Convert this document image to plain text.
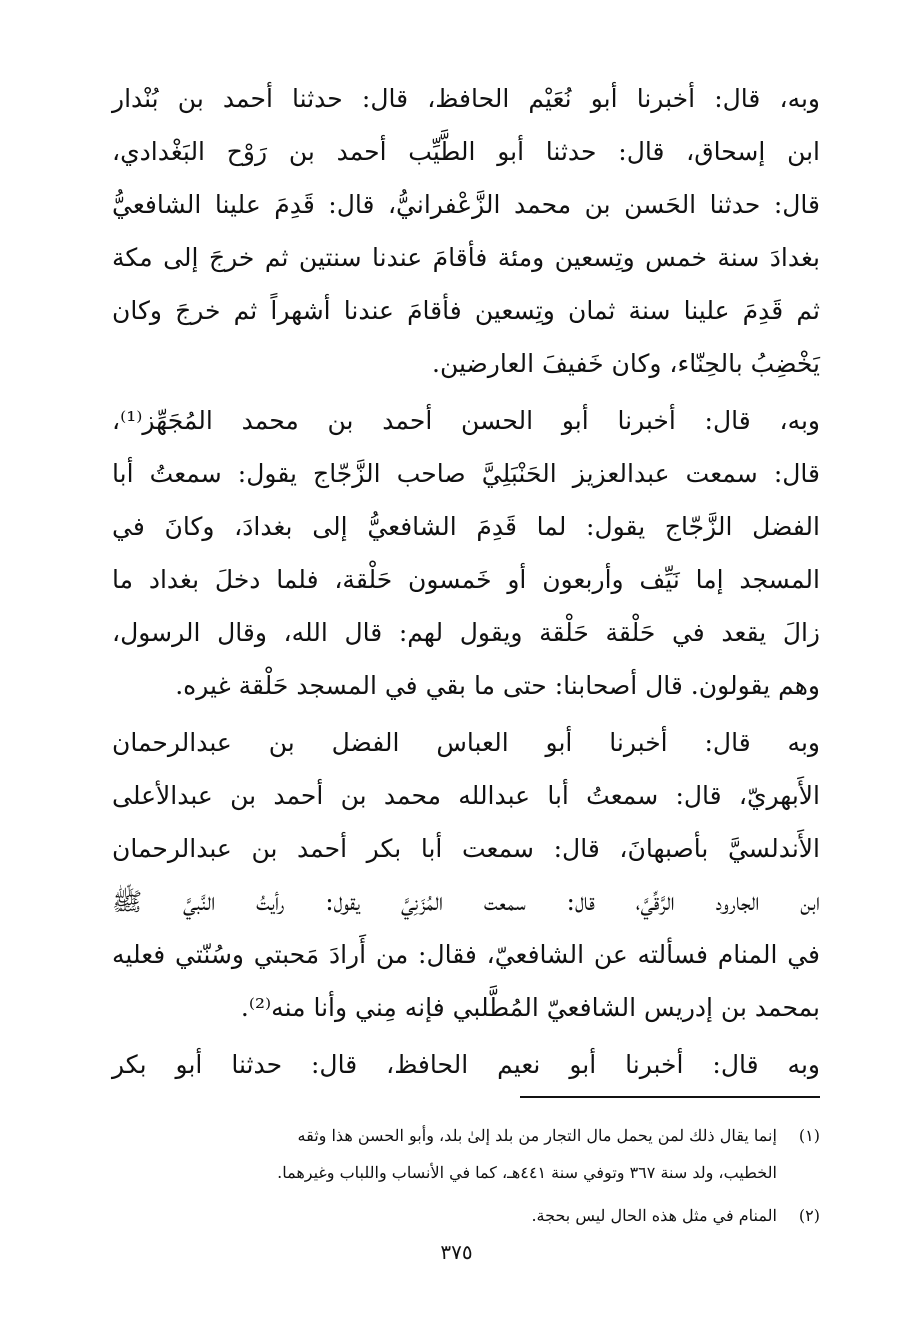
وبه، قال: أخبرنا أبو نُعَيْم الحافظ، قال: حدثنا أحمد بن بُنْدار
ابن إسحاق، قال: حدثنا أبو الطَّيِّب أحمد بن رَوْح البَغْدادي،
قال: حدثنا الحَسن بن محمد الزَّعْفرانيُّ، قال: قَدِمَ علينا الشافعيُّ
بغدادَ سنة خمس وتِسعين ومئة فأقامَ عندنا سنتين ثم خرجَ إلى مكة
ثم قَدِمَ علينا سنة ثمان وتِسعين فأقامَ عندنا أشهراً ثم خرجَ وكان
يَخْضِبُ بالحِنّاء، وكان خَفيفَ العارضين.
وبه، قال: أخبرنا أبو الحسن أحمد بن محمد المُجَهِّز⁽¹⁾،
قال: سمعت عبدالعزيز الحَنْبَلِيَّ صاحب الزَّجّاج يقول: سمعتُ أبا
الفضل الزَّجّاج يقول: لما قَدِمَ الشافعيُّ إلى بغدادَ، وكانَ في
المسجد إما نَيِّف وأربعون أو خَمسون حَلْقة، فلما دخلَ بغداد ما
زالَ يقعد في حَلْقة حَلْقة ويقول لهم: قال الله، وقال الرسول،
وهم يقولون. قال أصحابنا: حتى ما بقي في المسجد حَلْقة غيره.
وبه قال: أخبرنا أبو العباس الفضل بن عبدالرحمان
الأَبهريّ، قال: سمعتُ أبا عبدالله محمد بن أحمد بن عبدالأعلى
الأَندلسيَّ بأصبهانَ، قال: سمعت أبا بكر أحمد بن عبدالرحمان
ابن الجارود الرَّقِّيَّ، قال: سمعت المُزَنِيَّ يقول: رأيتُ النَّبيَّ ﷺ
في المنام فسألته عن الشافعيّ، فقال: من أَرادَ مَحبتي وسُنّتي فعليه
بمحمد بن إدريس الشافعيّ المُطَّلبي فإنه مِني وأنا منه⁽²⁾.
وبه قال: أخبرنا أبو نعيم الحافظ، قال: حدثنا أبو بكر
(١) إنما يقال ذلك لمن يحمل مال التجار من بلد إلىٰ بلد، وأبو الحسن هذا وثقه
الخطيب، ولد سنة ٣٦٧ وتوفي سنة ٤٤١هـ، كما في الأنساب واللباب وغيرهما.
(٢) المنام في مثل هذه الحال ليس بحجة.
٣٧٥
